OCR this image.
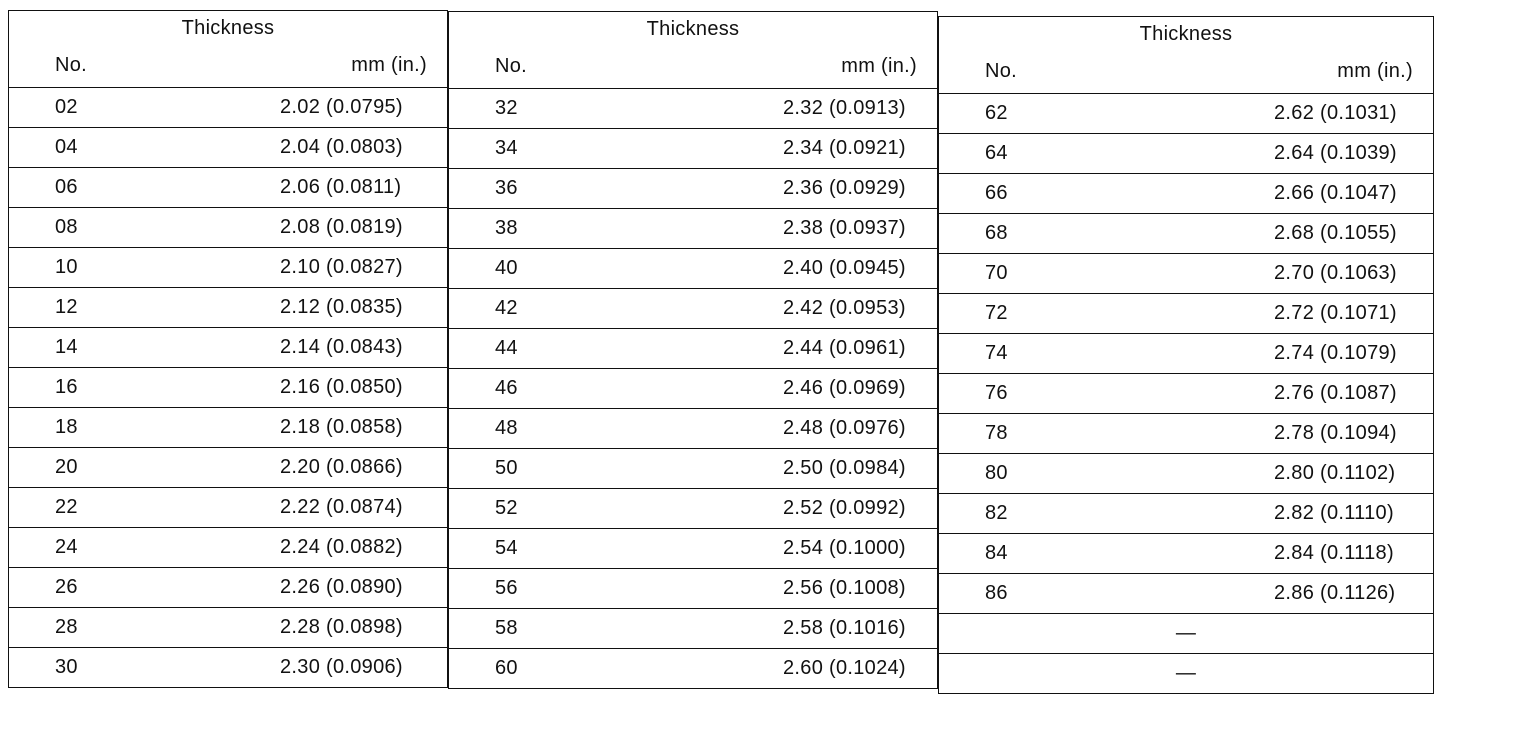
Thickness
No. mm (in.)	

02	2.02 (0.0795)
04	2.04 (0.0803)
06	2.06 (0.0811)
08	2.08 (0.0819)
10	2.10 (0.0827)
12	2.12 (0.0835)
14	2.14 (0.0843)
16	2.16 (0.0850)
18	2.18 (0.0858)
20	2.20 (0.0866)
22	2.22 (0.0874)
24	2.24 (0.0882)
26	2.26 (0.0890)
28	2.28 (0.0898)
30	2.30 (0.0906)
Thickness
No. mm (in.)	

32	2.32 (0.0913)
34	2.34 (0.0921)
36	2.36 (0.0929)
38	2.38 (0.0937)
40	2.40 (0.0945)
42	2.42 (0.0953)
44	2.44 (0.0961)
46	2.46 (0.0969)
48	2.48 (0.0976)
50	2.50 (0.0984)
52	2.52 (0.0992)
54	2.54 (0.1000)
56	2.56 (0.1008)
58	2.58 (0.1016)
60	2.60 (0.1024)
Thickness
No. mm (in.)	

62	2.62 (0.1031)
64	2.64 (0.1039)
66	2.66 (0.1047)
68	2.68 (0.1055)
70	2.70 (0.1063)
72	2.72 (0.1071)
74	2.74 (0.1079)
76	2.76 (0.1087)
78	2.78 (0.1094)
80	2.80 (0.1102)
82	2.82 (0.1110)
84	2.84 (0.1118)
86	2.86 (0.1126)
—	
—	
